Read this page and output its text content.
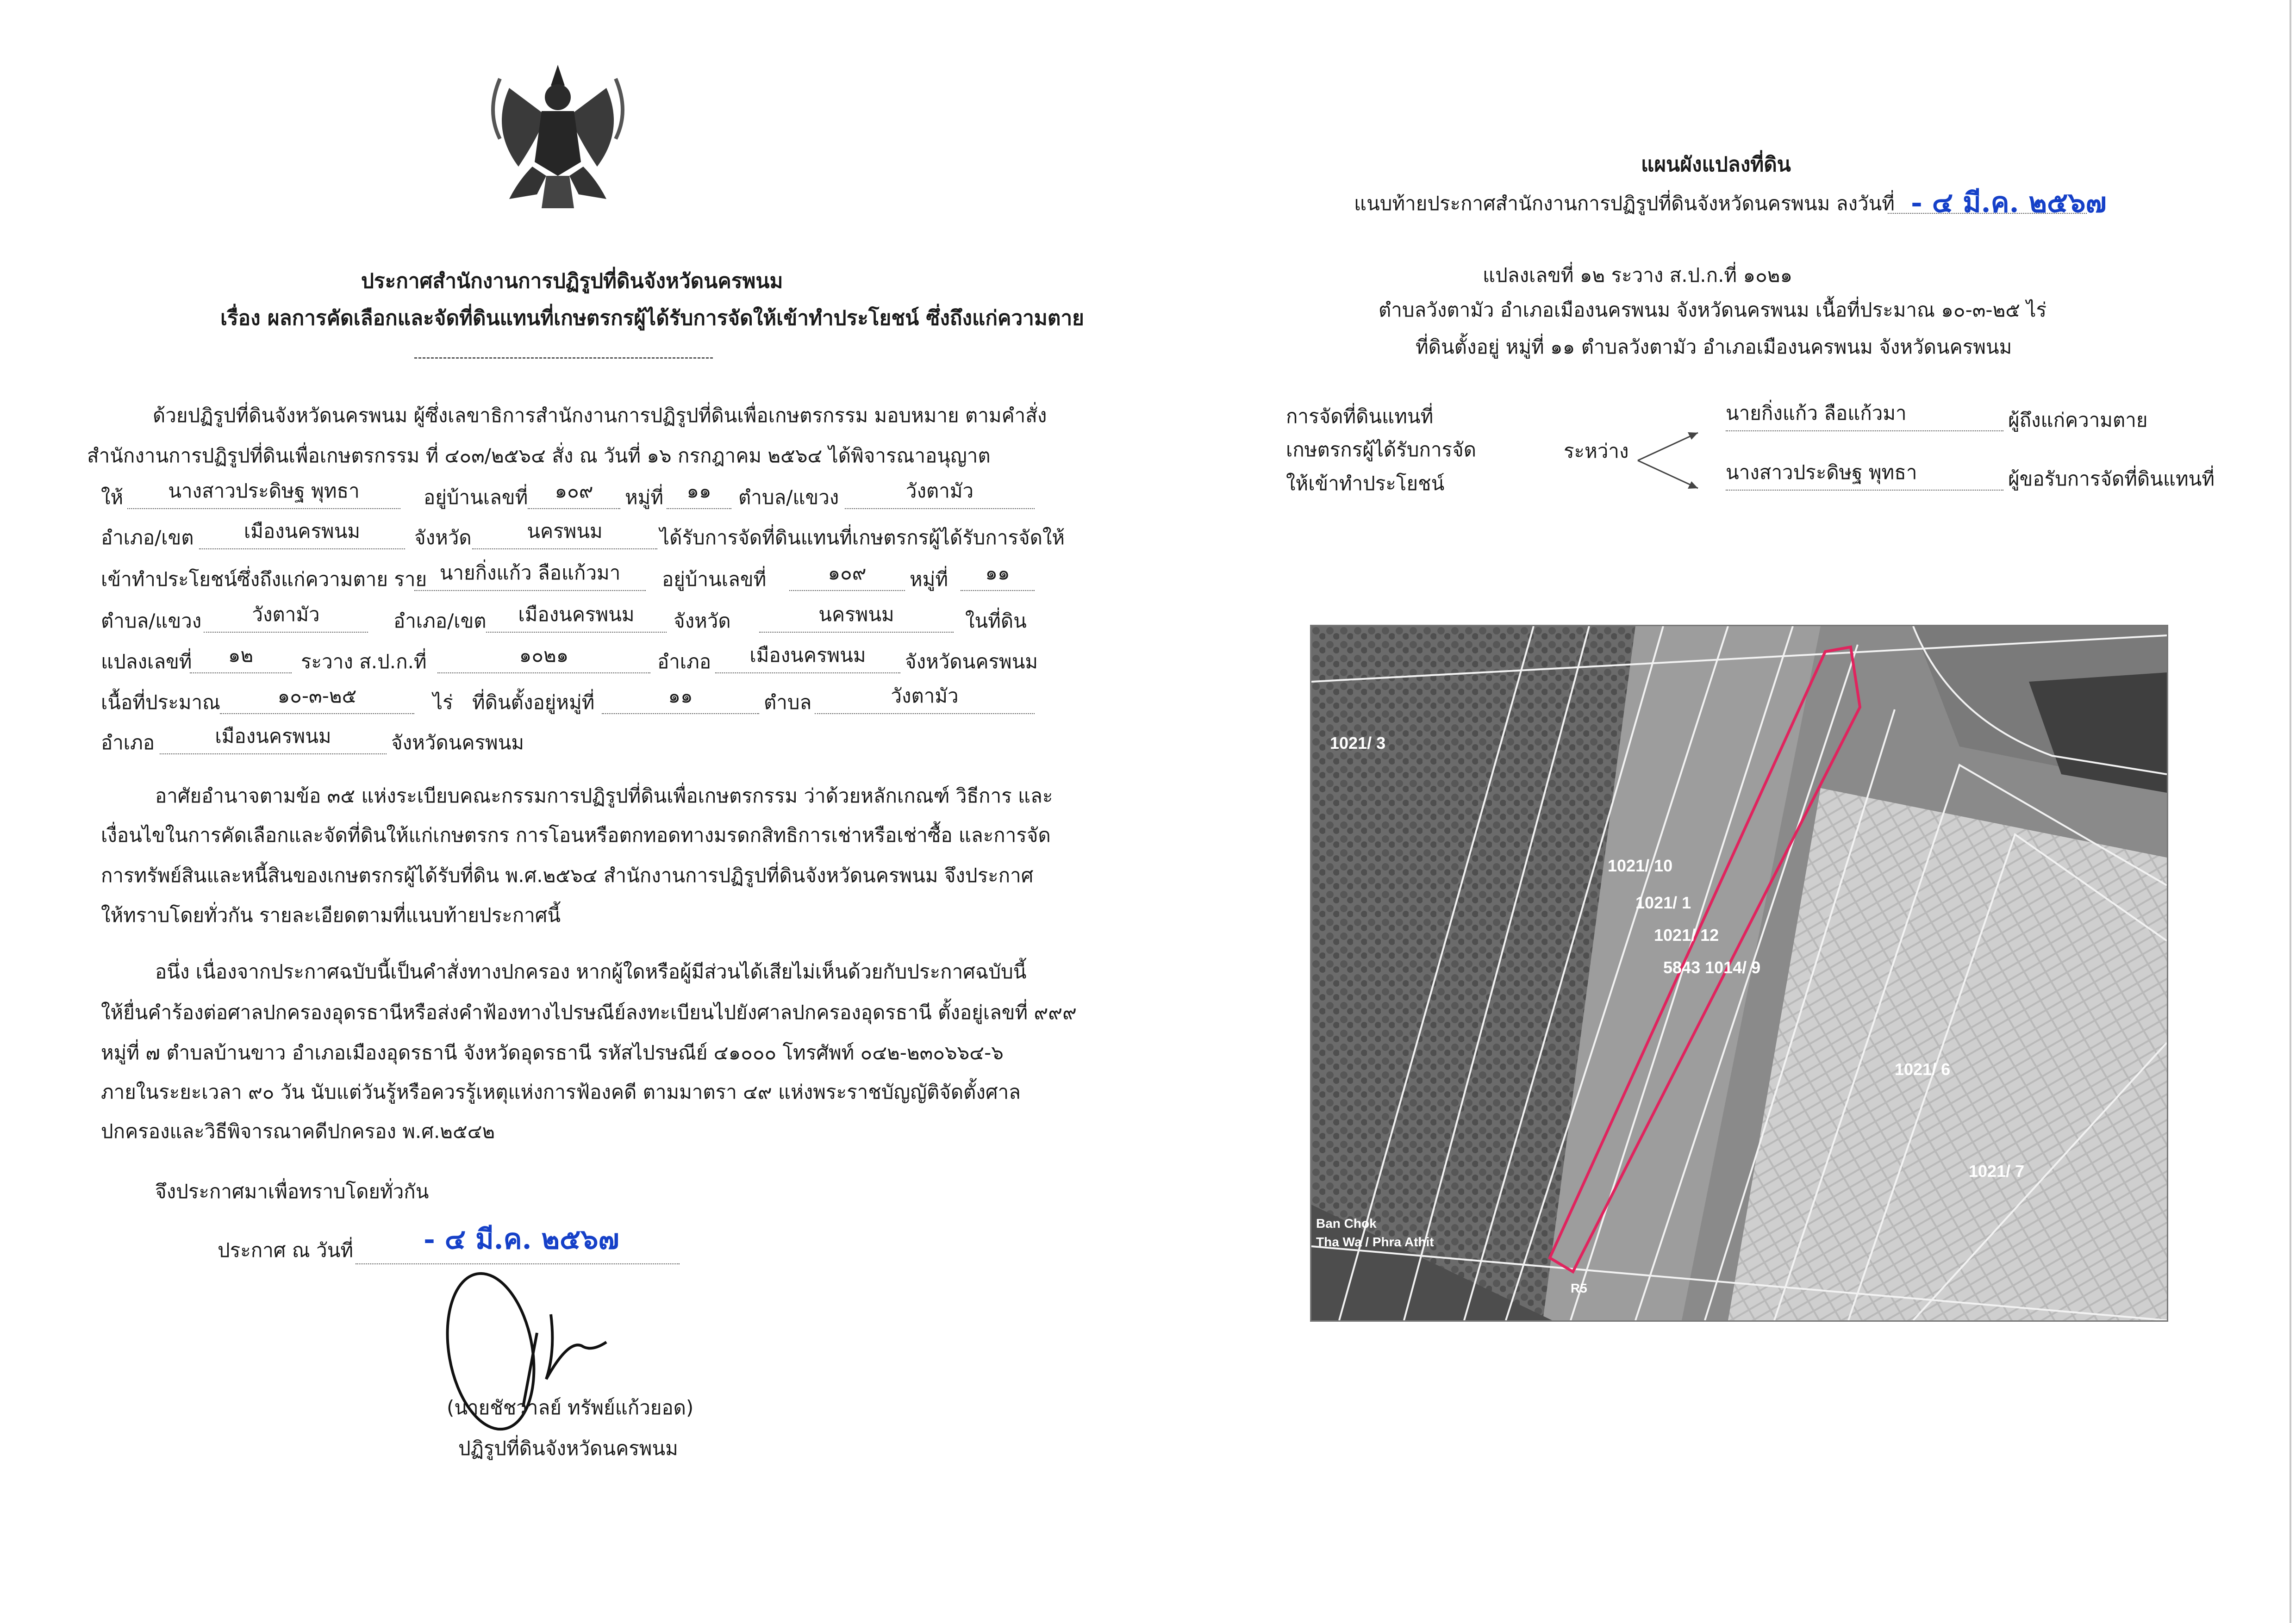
ประกาศสำนักงานการปฏิรูปที่ดินจังหวัดนครพนม
เรื่อง ผลการคัดเลือกและจัดที่ดินแทนที่เกษตรกรผู้ได้รับการจัดให้เข้าทำประโยชน์ ซึ่งถึงแก่ความตาย
ด้วยปฏิรูปที่ดินจังหวัดนครพนม ผู้ซึ่งเลขาธิการสำนักงานการปฏิรูปที่ดินเพื่อเกษตรกรรม มอบหมาย ตามคำสั่ง
สำนักงานการปฏิรูปที่ดินเพื่อเกษตรกรรม ที่ ๔๐๓/๒๕๖๔ สั่ง ณ วันที่ ๑๖ กรกฎาคม ๒๕๖๔ ได้พิจารณาอนุญาต
ให้	นางสาวประดิษฐ พุทธา	อยู่บ้านเลขที่	๑๐๙	หมู่ที่	๑๑	ตำบล/แขวง	วังตามัว
อำเภอ/เขต	เมืองนครพนม	จังหวัด	นครพนม	ได้รับการจัดที่ดินแทนที่เกษตรกรผู้ได้รับการจัดให้
เข้าทำประโยชน์ซึ่งถึงแก่ความตาย ราย นายกิ่งแก้ว ลือแก้วมา	อยู่บ้านเลขที่	๑๐๙	หมู่ที่	๑๑
ตำบล/แขวง	วังตามัว	อำเภอ/เขต	เมืองนครพนม	จังหวัด	นครพนม	ในที่ดิน
แปลงเลขที่	๑๒	ระวาง ส.ป.ก.ที่	๑๐๒๑	อำเภอ	เมืองนครพนม	จังหวัดนครพนม
เนื้อที่ประมาณ	๑๐-๓-๒๕	ไร่ ที่ดินตั้งอยู่หมู่ที่	๑๑	ตำบล	วังตามัว
อำเภอ	เมืองนครพนม	จังหวัดนครพนม
อาศัยอำนาจตามข้อ ๓๕ แห่งระเบียบคณะกรรมการปฏิรูปที่ดินเพื่อเกษตรกรรม ว่าด้วยหลักเกณฑ์ วิธีการ และ
เงื่อนไขในการคัดเลือกและจัดที่ดินให้แก่เกษตรกร การโอนหรือตกทอดทางมรดกสิทธิการเช่าหรือเช่าซื้อ และการจัด
การทรัพย์สินและหนี้สินของเกษตรกรผู้ได้รับที่ดิน พ.ศ.๒๕๖๔ สำนักงานการปฏิรูปที่ดินจังหวัดนครพนม จึงประกาศ
ให้ทราบโดยทั่วกัน รายละเอียดตามที่แนบท้ายประกาศนี้
อนึ่ง เนื่องจากประกาศฉบับนี้เป็นคำสั่งทางปกครอง หากผู้ใดหรือผู้มีส่วนได้เสียไม่เห็นด้วยกับประกาศฉบับนี้
ให้ยื่นคำร้องต่อศาลปกครองอุดรธานีหรือส่งคำฟ้องทางไปรษณีย์ลงทะเบียนไปยังศาลปกครองอุดรธานี ตั้งอยู่เลขที่ ๙๙๙
หมู่ที่ ๗ ตำบลบ้านขาว อำเภอเมืองอุดรธานี จังหวัดอุดรธานี รหัสไปรษณีย์ ๔๑๐๐๐ โทรศัพท์ ๐๔๒-๒๓๐๖๖๔-๖
ภายในระยะเวลา ๙๐ วัน นับแต่วันรู้หรือควรรู้เหตุแห่งการฟ้องคดี ตามมาตรา ๔๙ แห่งพระราชบัญญัติจัดตั้งศาล
ปกครองและวิธีพิจารณาคดีปกครอง พ.ศ.๒๕๔๒
จึงประกาศมาเพื่อทราบโดยทั่วกัน
ประกาศ ณ วันที่	- ๔ มี.ค. ๒๕๖๗
(นายชัชวาลย์ ทรัพย์แก้วยอด)
ปฏิรูปที่ดินจังหวัดนครพนม
แผนผังแปลงที่ดิน
แนบท้ายประกาศสำนักงานการปฏิรูปที่ดินจังหวัดนครพนม ลงวันที่ - ๔ มี.ค. ๒๕๖๗
แปลงเลขที่ ๑๒ ระวาง ส.ป.ก.ที่ ๑๐๒๑
ตำบลวังตามัว อำเภอเมืองนครพนม จังหวัดนครพนม เนื้อที่ประมาณ ๑๐-๓-๒๕ ไร่
ที่ดินตั้งอยู่ หมู่ที่ ๑๑ ตำบลวังตามัว อำเภอเมืองนครพนม จังหวัดนครพนม
การจัดที่ดินแทนที่
เกษตรกรผู้ได้รับการจัด
ให้เข้าทำประโยชน์
ระหว่าง
นายกิ่งแก้ว ลือแก้วมา	ผู้ถึงแก่ความตาย
นางสาวประดิษฐ พุทธา	ผู้ขอรับการจัดที่ดินแทนที่
1021/ 3
1021/ 10
1021/ 1
1021/ 12
5843 1014/ 9
1021/ 6
1021/ 7
Ban Chok
Tha Wa / Phra Athit
R5
